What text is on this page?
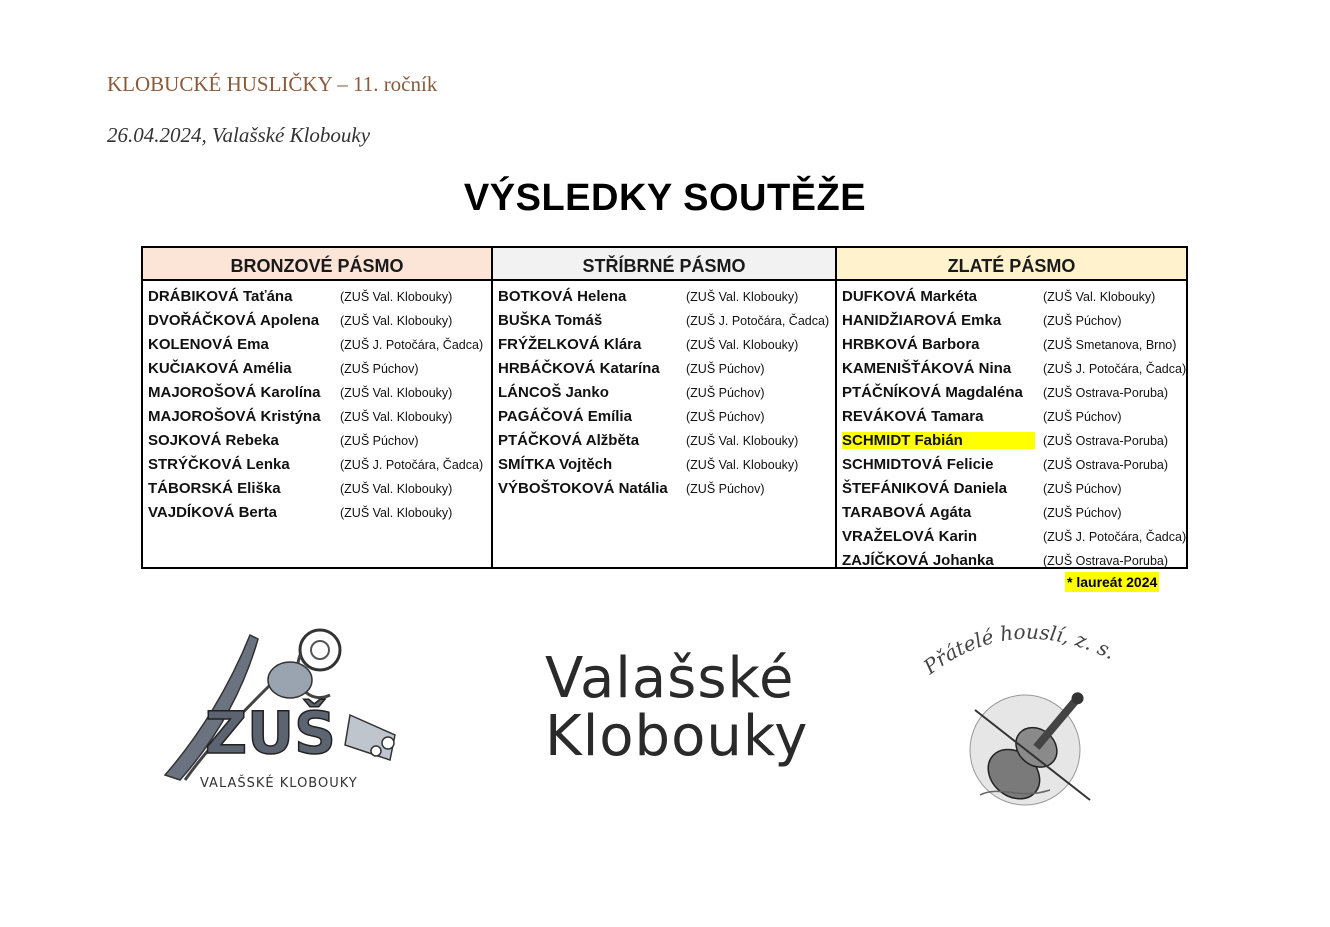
KLOBUCKÉ HUSLIČKY – 11. ročník
26.04.2024, Valašské Klobouky
VÝSLEDKY SOUTĚŽE
BRONZOVÉ PÁSMO
DRÁBIKOVÁ Taťána	(ZUŠ Val. Klobouky)
DVOŘÁČKOVÁ Apolena (ZUŠ Val. Klobouky)
KOLENOVÁ Ema	(ZUŠ J. Potočára, Čadca)
KUČIAKOVÁ Amélia	(ZUŠ Púchov)
MAJOROŠOVÁ Karolína (ZUŠ Val. Klobouky)
MAJOROŠOVÁ Kristýna (ZUŠ Val. Klobouky)
SOJKOVÁ Rebeka	(ZUŠ Púchov)
STRÝČKOVÁ Lenka	(ZUŠ J. Potočára, Čadca)
TÁBORSKÁ Eliška	(ZUŠ Val. Klobouky)
VAJDÍKOVÁ Berta	(ZUŠ Val. Klobouky)
STŘÍBRNÉ PÁSMO
BOTKOVÁ Helena	(ZUŠ Val. Klobouky)
BUŠKA Tomáš	(ZUŠ J. Potočára, Čadca)
FRÝŽELKOVÁ Klára	(ZUŠ Val. Klobouky)
HRBÁČKOVÁ Katarína (ZUŠ Púchov)
LÁNCOŠ Janko	(ZUŠ Púchov)
PAGÁČOVÁ Emília	(ZUŠ Púchov)
PTÁČKOVÁ Alžběta	(ZUŠ Val. Klobouky)
SMÍTKA Vojtěch	(ZUŠ Val. Klobouky)
VÝBOŠTOKOVÁ Natália (ZUŠ Púchov)
ZLATÉ PÁSMO
DUFKOVÁ Markéta	(ZUŠ Val. Klobouky)
HANIDŽIAROVÁ Emka	(ZUŠ Púchov)
HRBKOVÁ Barbora	(ZUŠ Smetanova, Brno)
KAMENIŠŤÁKOVÁ Nina	(ZUŠ J. Potočára, Čadca)
PTÁČNÍKOVÁ Magdaléna (ZUŠ Ostrava-Poruba)
REVÁKOVÁ Tamara	(ZUŠ Púchov)
SCHMIDT Fabián	(ZUŠ Ostrava-Poruba)
SCHMIDTOVÁ Felicie	(ZUŠ Ostrava-Poruba)
ŠTEFÁNIKOVÁ Daniela	(ZUŠ Púchov)
TARABOVÁ Agáta	(ZUŠ Púchov)
VRAŽELOVÁ Karin	(ZUŠ J. Potočára, Čadca)
ZAJÍČKOVÁ Johanka	(ZUŠ Ostrava-Poruba)
* laureát 2024
ZUŠ
VALAŠSKÉ KLOBOUKY
Valašské
Klobouky
Přátelé houslí, z. s.
